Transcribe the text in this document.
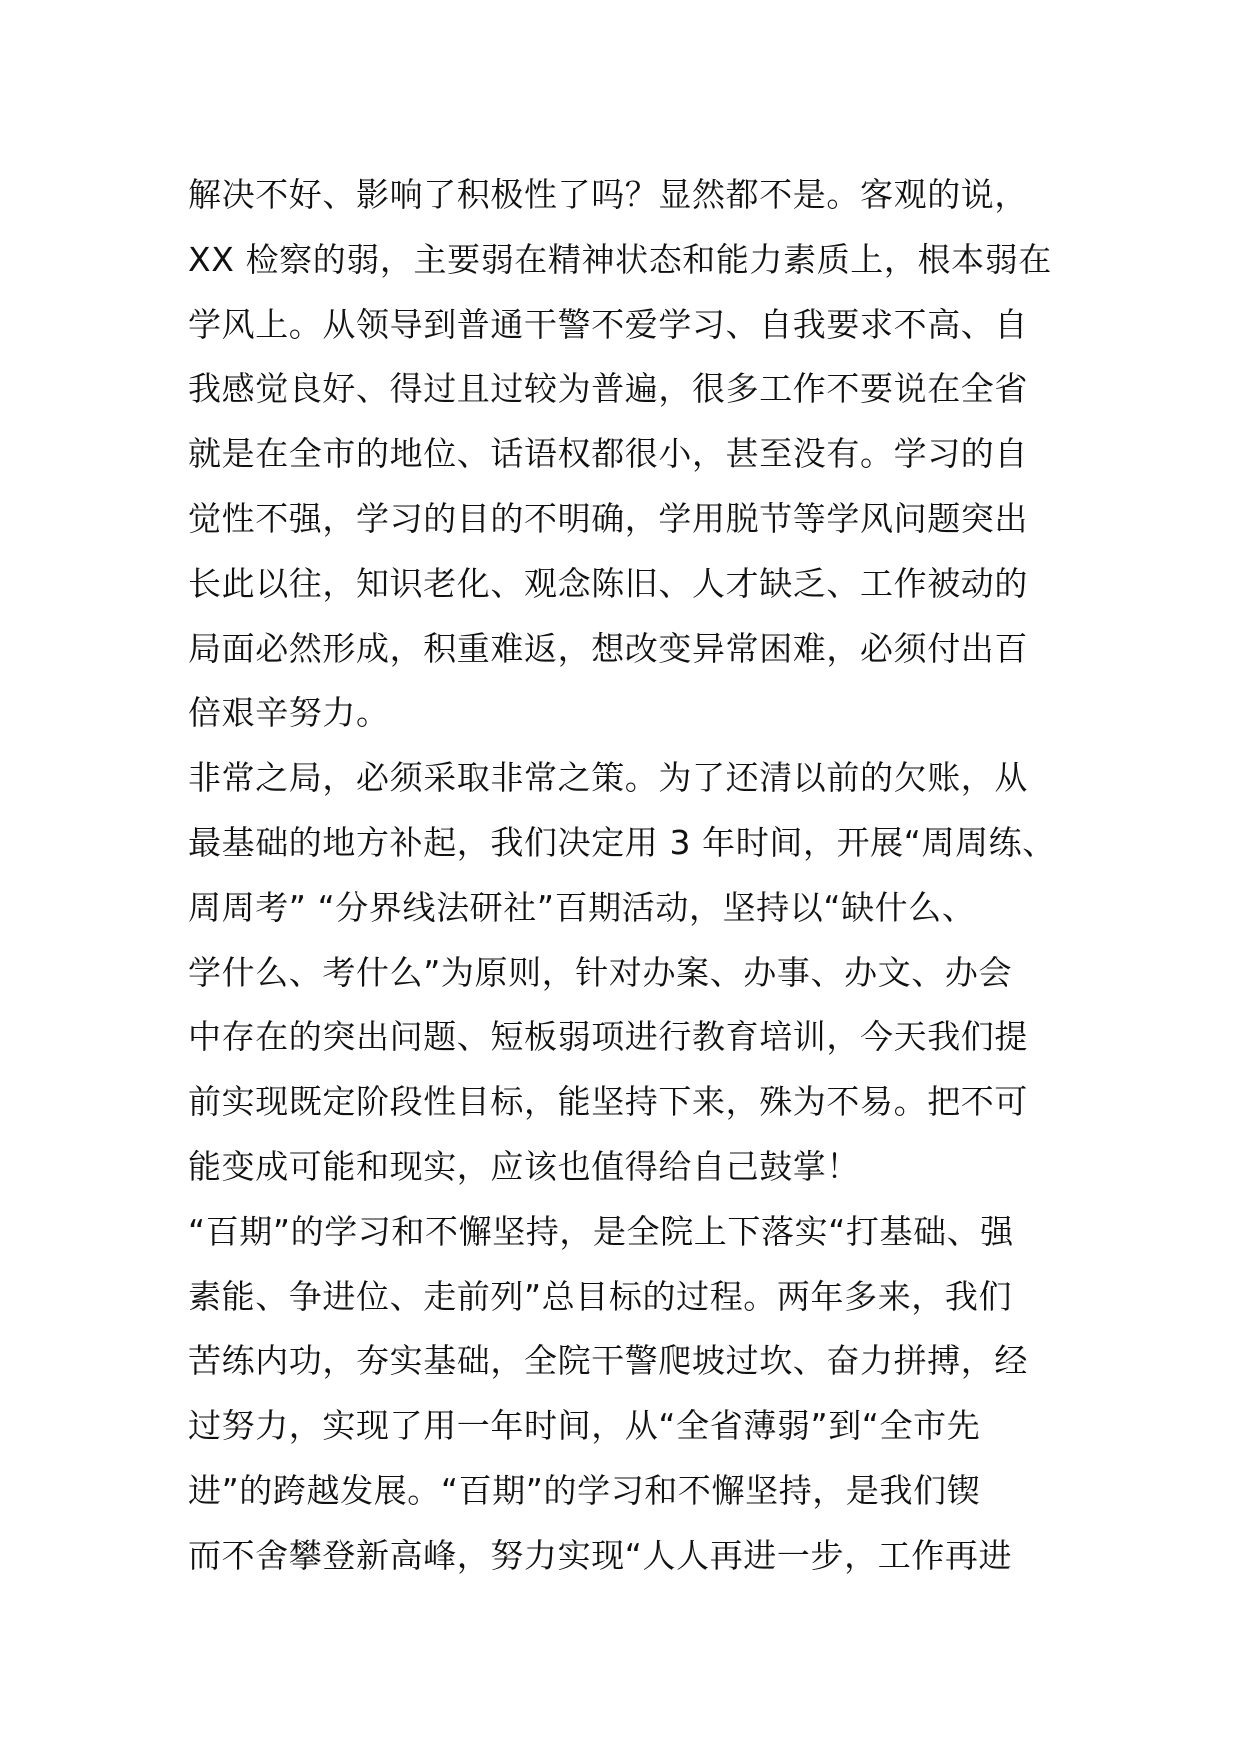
解决不好、影响了积极性了吗？显然都不是。客观的说，
XX 检察的弱，主要弱在精神状态和能力素质上，根本弱在
学风上。从领导到普通干警不爱学习、自我要求不高、自
我感觉良好、得过且过较为普遍，很多工作不要说在全省
就是在全市的地位、话语权都很小，甚至没有。学习的自
觉性不强，学习的目的不明确，学用脱节等学风问题突出
长此以往，知识老化、观念陈旧、人才缺乏、工作被动的
局面必然形成，积重难返，想改变异常困难，必须付出百
倍艰辛努力。
非常之局，必须采取非常之策。为了还清以前的欠账，从
最基础的地方补起，我们决定用 3 年时间，开展“周周练、
周周考” “分界线法研社”百期活动，坚持以“缺什么、
学什么、考什么”为原则，针对办案、办事、办文、办会
中存在的突出问题、短板弱项进行教育培训，今天我们提
前实现既定阶段性目标，能坚持下来，殊为不易。把不可
能变成可能和现实，应该也值得给自己鼓掌！
“百期”的学习和不懈坚持，是全院上下落实“打基础、强
素能、争进位、走前列”总目标的过程。两年多来，我们
苦练内功，夯实基础，全院干警爬坡过坎、奋力拼搏，经
过努力，实现了用一年时间，从“全省薄弱”到“全市先
进”的跨越发展。“百期”的学习和不懈坚持，是我们锲
而不舍攀登新高峰，努力实现“人人再进一步，工作再进
